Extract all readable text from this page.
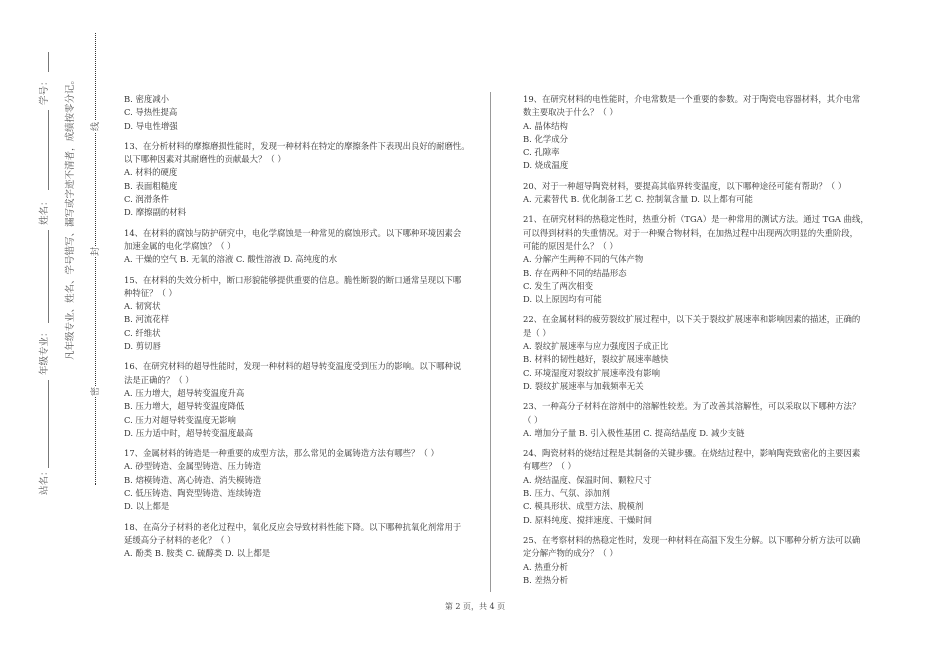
站名：
年级专业：
姓名：
学号：	凡年级专业、姓名、学号错写、漏写或字迹不清者，成绩按零分记。
密
封
线
B. 密度减小
C. 导热性提高
D. 导电性增强
13、在分析材料的摩擦磨损性能时，发现一种材料在特定的摩擦条件下表现出良好的耐磨性。
以下哪种因素对其耐磨性的贡献最大？（ ）
A. 材料的硬度
B. 表面粗糙度
C. 润滑条件
D. 摩擦副的材料
14、在材料的腐蚀与防护研究中，电化学腐蚀是一种常见的腐蚀形式。以下哪种环境因素会
加速金属的电化学腐蚀？（ ）
A. 干燥的空气 B. 无氧的溶液 C. 酸性溶液 D. 高纯度的水
15、在材料的失效分析中，断口形貌能够提供重要的信息。脆性断裂的断口通常呈现以下哪
种特征？（ ）
A. 韧窝状
B. 河流花样
C. 纤维状
D. 剪切唇
16、在研究材料的超导性能时，发现一种材料的超导转变温度受到压力的影响。以下哪种说
法是正确的？（ ）
A. 压力增大，超导转变温度升高
B. 压力增大，超导转变温度降低
C. 压力对超导转变温度无影响
D. 压力适中时，超导转变温度最高
17、金属材料的铸造是一种重要的成型方法，那么常见的金属铸造方法有哪些？（ ）
A. 砂型铸造、金属型铸造、压力铸造
B. 熔模铸造、离心铸造、消失模铸造
C. 低压铸造、陶瓷型铸造、连续铸造
D. 以上都是
18、在高分子材料的老化过程中，氧化反应会导致材料性能下降。以下哪种抗氧化剂常用于
延缓高分子材料的老化？（ ）
A. 酚类 B. 胺类 C. 硫醇类 D. 以上都是
19、在研究材料的电性能时，介电常数是一个重要的参数。对于陶瓷电容器材料，其介电常
数主要取决于什么？（ ）
A. 晶体结构
B. 化学成分
C. 孔隙率
D. 烧成温度
20、对于一种超导陶瓷材料，要提高其临界转变温度，以下哪种途径可能有帮助？（ ）
A. 元素替代 B. 优化制备工艺 C. 控制氧含量 D. 以上都有可能
21、在研究材料的热稳定性时，热重分析（TGA）是一种常用的测试方法。通过 TGA 曲线，
可以得到材料的失重情况。对于一种聚合物材料，在加热过程中出现两次明显的失重阶段，
可能的原因是什么？（ ）
A. 分解产生两种不同的气体产物
B. 存在两种不同的结晶形态
C. 发生了两次相变
D. 以上原因均有可能
22、在金属材料的疲劳裂纹扩展过程中，以下关于裂纹扩展速率和影响因素的描述，正确的
是（ ）
A. 裂纹扩展速率与应力强度因子成正比
B. 材料的韧性越好，裂纹扩展速率越快
C. 环境湿度对裂纹扩展速率没有影响
D. 裂纹扩展速率与加载频率无关
23、一种高分子材料在溶剂中的溶解性较差。为了改善其溶解性，可以采取以下哪种方法？
（ ）
A. 增加分子量 B. 引入极性基团 C. 提高结晶度 D. 减少支链
24、陶瓷材料的烧结过程是其制备的关键步骤。在烧结过程中，影响陶瓷致密化的主要因素
有哪些？（ ）
A. 烧结温度、保温时间、颗粒尺寸
B. 压力、气氛、添加剂
C. 模具形状、成型方法、脱模剂
D. 原料纯度、搅拌速度、干燥时间
25、在考察材料的热稳定性时，发现一种材料在高温下发生分解。以下哪种分析方法可以确
定分解产物的成分？（ ）
A. 热重分析
B. 差热分析
第 2 页，共 4 页
